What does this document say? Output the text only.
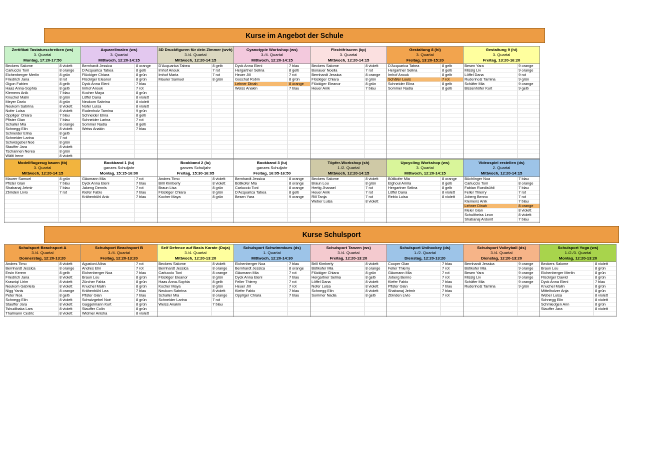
Kurse im Angebot der Schule
Zertifikat Tastaturschreiben (ws)
3. Quartal
Montag, 17:20-17:50
Beckers Salome	8 violett
Carluccio Toni	8 orange
Eichenberger Merlin	8 grün
Friedrich Jana	8 rot
Gigon Fabien	8 gelb
Haas Anna-Sophia	8 gelb
Klemens Anik	7 blau
Knuchel Malin	8 grün
Meyer Dario	8 grün
Neukom Sabrina	8 violett
Nofer Luisa	8 violett
Oppliger Chiara	7 blau
Pfister Gian	7 blau
Schaller Mia	8 orange
Schnegg Elin	8 violett
Schneider Elina	8 gelb
Schneider Larina	7 rot
Schwizgebel Noé	8 grün
Stauffer Jara	8 violett
Tschannen Nerea	8 grün
Wälti Irene	8 violett
Aquarellmalen (ws)
3. Quartal
Mittwoch, 12:20-14:15
Bernhardt Jessica	8 orange
D'Acquarica Tabea	8 gelb
Flückiger Chiara	8 grün
Flückiger Eleanor	8 grün
Dyck Anna Eleni	7 blau
Imhof Anouk	7 rot
Kocher Maya	8 grün
Löffel Dana	8 violett
Neukom Sabrina	8 violett
Nofer Luisa	8 violett
Rudenholz Tamina	9 grün
Schneider Elina	8 gelb
Schneider Larina	7 rot
Sommer Nadia	8 gelb
Weiss Anakin	7 blau
3D Druckfiguren für dein Zimmer (wvh)
3./4. Quartal
Mittwoch, 12:20-14:15
D'Acquarica Tabea	8 gelb
Imhof Anouk	7 rot
Imhof Maria	7 rot
Maurer Samuel	8 grün
Cyanotypie Workshop (ws)
3./4. Quartal
Mittwoch, 12:20-14:15
Dyck Anna Eleni	7 blau
Hergartner Selina	8 gelb
Heuer Jill	7 rot
Goschat Robin	8 grün
Lehner Dinah	8 orange
Weiss Anakin	7 blau
Flechtfrisuren (kp)
3. Quartal
Mittwoch, 12:20-14:15
Beckers Salome	8 violett
Bonauer Noelia	7 rot
Bernhardt Jessica	8 orange
Flückiger Chiara	8 grün
Flückiger Eleanor	8 grün
Heuer Anik	7 blau
Gestaltung 8 (hi)
3. Quartal
Freitag, 13:20-15:20
D'Acquarica Tabea	8 gelb
Hergartner Selina	8 gelb
Imhof Anouk	8 gelb
Schäfer Louis	7 rot
Schneider Elina	8 gelb
Sommer Nadia	8 gelb
Gestaltung 9 (hi)
3. Quartal
Freitag, 13:20-16:20
Besen Yara	9 orange
Missig Liv	9 orange
Löffel Dana	9 rot
Rudenholz Tamina	9 grün
Schäfer Mia	9 orange
Bissenhöfer Kurt	9 gelb
Modellflugzeug bauen (tb)
3. Quartal
Mittwoch, 12:20-14:15
Maurer Samuel	8 grün
Pfister Gian	7 blau
Shabanaj Jetmir	7 blau
Zbinden Livio	7 rot
Bookband 1 (lu)
ganzes Schuljahr
Montag, 15:15-16:00
Gäumann Mia	7 rot
Dyck Anna Eleni	7 blau
Jakeng Dennis	7 rot
Kiefer Fabio	7 blau
Krähenbühl Anic	7 blau
Bookband 2 (lu)
ganzes Schuljahr
Freitag, 15:30-16:05
Andres Timo	8 violett
Brill Kimberly	8 violett
Braun Lisa	8 grün
Flückiger Chiara	8 grün
Kocher Maya	8 grün
Bookband 3 (lu)
ganzes Schuljahr
Freitag, 16:05-16:50
Bernhardt Jessica	8 orange
Bütikofer Mia	8 orange
Carluccio Toni	8 orange
D'Acquarica Tabea	8 gelb
Besen Yara	9 orange
Töpfer-Workshop (sh)
1./2. Quartal
Mittwoch, 12:20-14:15
Beckers Salome	8 violett
Braun Lou	8 grün
Hertig Jhanael	7 rot
Heuer Anik	7 rot
Rill Tanja	7 rot
Weber Luisa	8 violett
Upcycling Workshop (ws)
3. Quartal
Mittwoch, 12:20-14:15
Bütikofer Mia	8 orange
Elghoul Amira	8 gelb
Hergartner Selina	8 gelb
Löffel Dana	8 violett
Rebio Luisa	8 violett
Videospiel erstellen (ds)
2. Quartal
Mittwoch, 12:20-14:15
Büchlinger Noa	7 blau
Carluccio Toni	8 orange
Fabian Ruedisühli	7 blau
Feller Thierry	7 rot
Joberg Benno	7 rot
Klemens Anik	7 blau
Lehner Dinah	8 orange
Meier Gian	8 violett
Schultheiss Leon	8 violett
Shabanaj Ardonit	7 blau
Kurse Schulsport
Schulsport Beachsport A
3./4. Quartal
Donnerstag, 12:20-13:20
Andres Timo	8 violett
Bernhardt Jessica	8 orange
Ersin Kerem	8 gelb
Friedrich Jana	8 violett
Krasniqi Lirim	8 violett
Neukom Gabriela	8 violett
Nigg Yanis	8 orange
Peter Noa	8 gelb
Schnegg Elin	8 violett
Stauffer Jara	8 violett
Tshudibaka Lars	8 violett
Thalmann Cedric	8 violett
Schulsport Beachsport B
3./4. Quartal
Freitag, 12:20-13:20
Agustoni Alina	7 rot
Andres Elin	7 rot
Eichenberger Noa	7 blau
Braun Lou	8 grün
Zürcher Fabia	8 grün
Knuchel Malin	8 grün
Krähenbühl Lea	7 blau
Pfister Gian	7 blau
Schwizgebel Noé	8 grün
Gaggelmann Kurt	8 grün
Stauffer Colin	8 grün
Widmer Anisha	8 violett
Self Defence auf Basis Karate (Doja)
3./4. Quartal
Mittwoch, 12:20-13:20
Beckers Salome	8 violett
Bernhardt Jessica	8 orange
Carluccio Toni	8 orange
Flückiger Eleanor	8 grün
Haas Anna-Sophia	8 gelb
Kocher Maya	8 grün
Neukom Sabrina	8 violett
Schaller Mia	8 orange
Schneider Larina	7 rot
Weiss Anakin	7 blau
Schulsport Schwimmkurs (ds)
1. Quartal
Mittwoch, 12:20-14:30
Eichenberger Noa	7 blau
Bernhardt Jessica	8 orange
Gäumann Mia	7 rot
Dyck Anna Eleni	7 blau
Feller Thierry	7 rot
Heuer Jill	7 rot
Kiefer Fabio	7 blau
Oppliger Chiara	7 blau
Schulsport Tanzen (ws)
3./4. Quartal
Freitag, 12:20-13:20
Brill Kimberly	8 violett
Bütikofer Mia	8 orange
Flückiger Chiara	8 grün
Hergartner Selina	8 gelb
Löffel Dana	8 violett
Nofer Luisa	8 violett
Schnegg Elin	8 violett
Sommer Nadia	8 gelb
Schulsport Unihockey (ds)
1./2. Quartal
Dienstag, 12:20-13:20
Cooper Gian	7 blau
Feller Thierry	7 rot
Gäumann Mia	7 rot
Joberg Benno	7 rot
Kiefer Fabio	7 blau
Pfister Gian	7 blau
Shabanaj Jetmir	7 blau
Zbinden Livio	7 rot
Schulsport Volleyball (ds)
3./4. Quartal
Dienstag, 12:20-13:20
Bernhardt Jessica	9 orange
Bütikofer Mia	9 orange
Besen Yara	9 orange
Missig Liv	9 orange
Schäfer Mia	9 orange
Rudenholz Tamina	9 grün
Schulsport Yoga (ws)
1./2./3. Quartal
Montag, 12:20-13:20
Beckers Salome	8 violett
Braun Lou	8 grün
Eichenberger Merlin	8 grün
Flückiger Dawid	8 grün
Dyck Anna Eleni	7 blau
Knuchel Malin	8 grün
Mittelholzer Anja	8 grün
Weber Luisa	8 violett
Schnegg Elin	8 violett
Schmiedgen Ann	8 grün
Stauffer Jara	8 violett
